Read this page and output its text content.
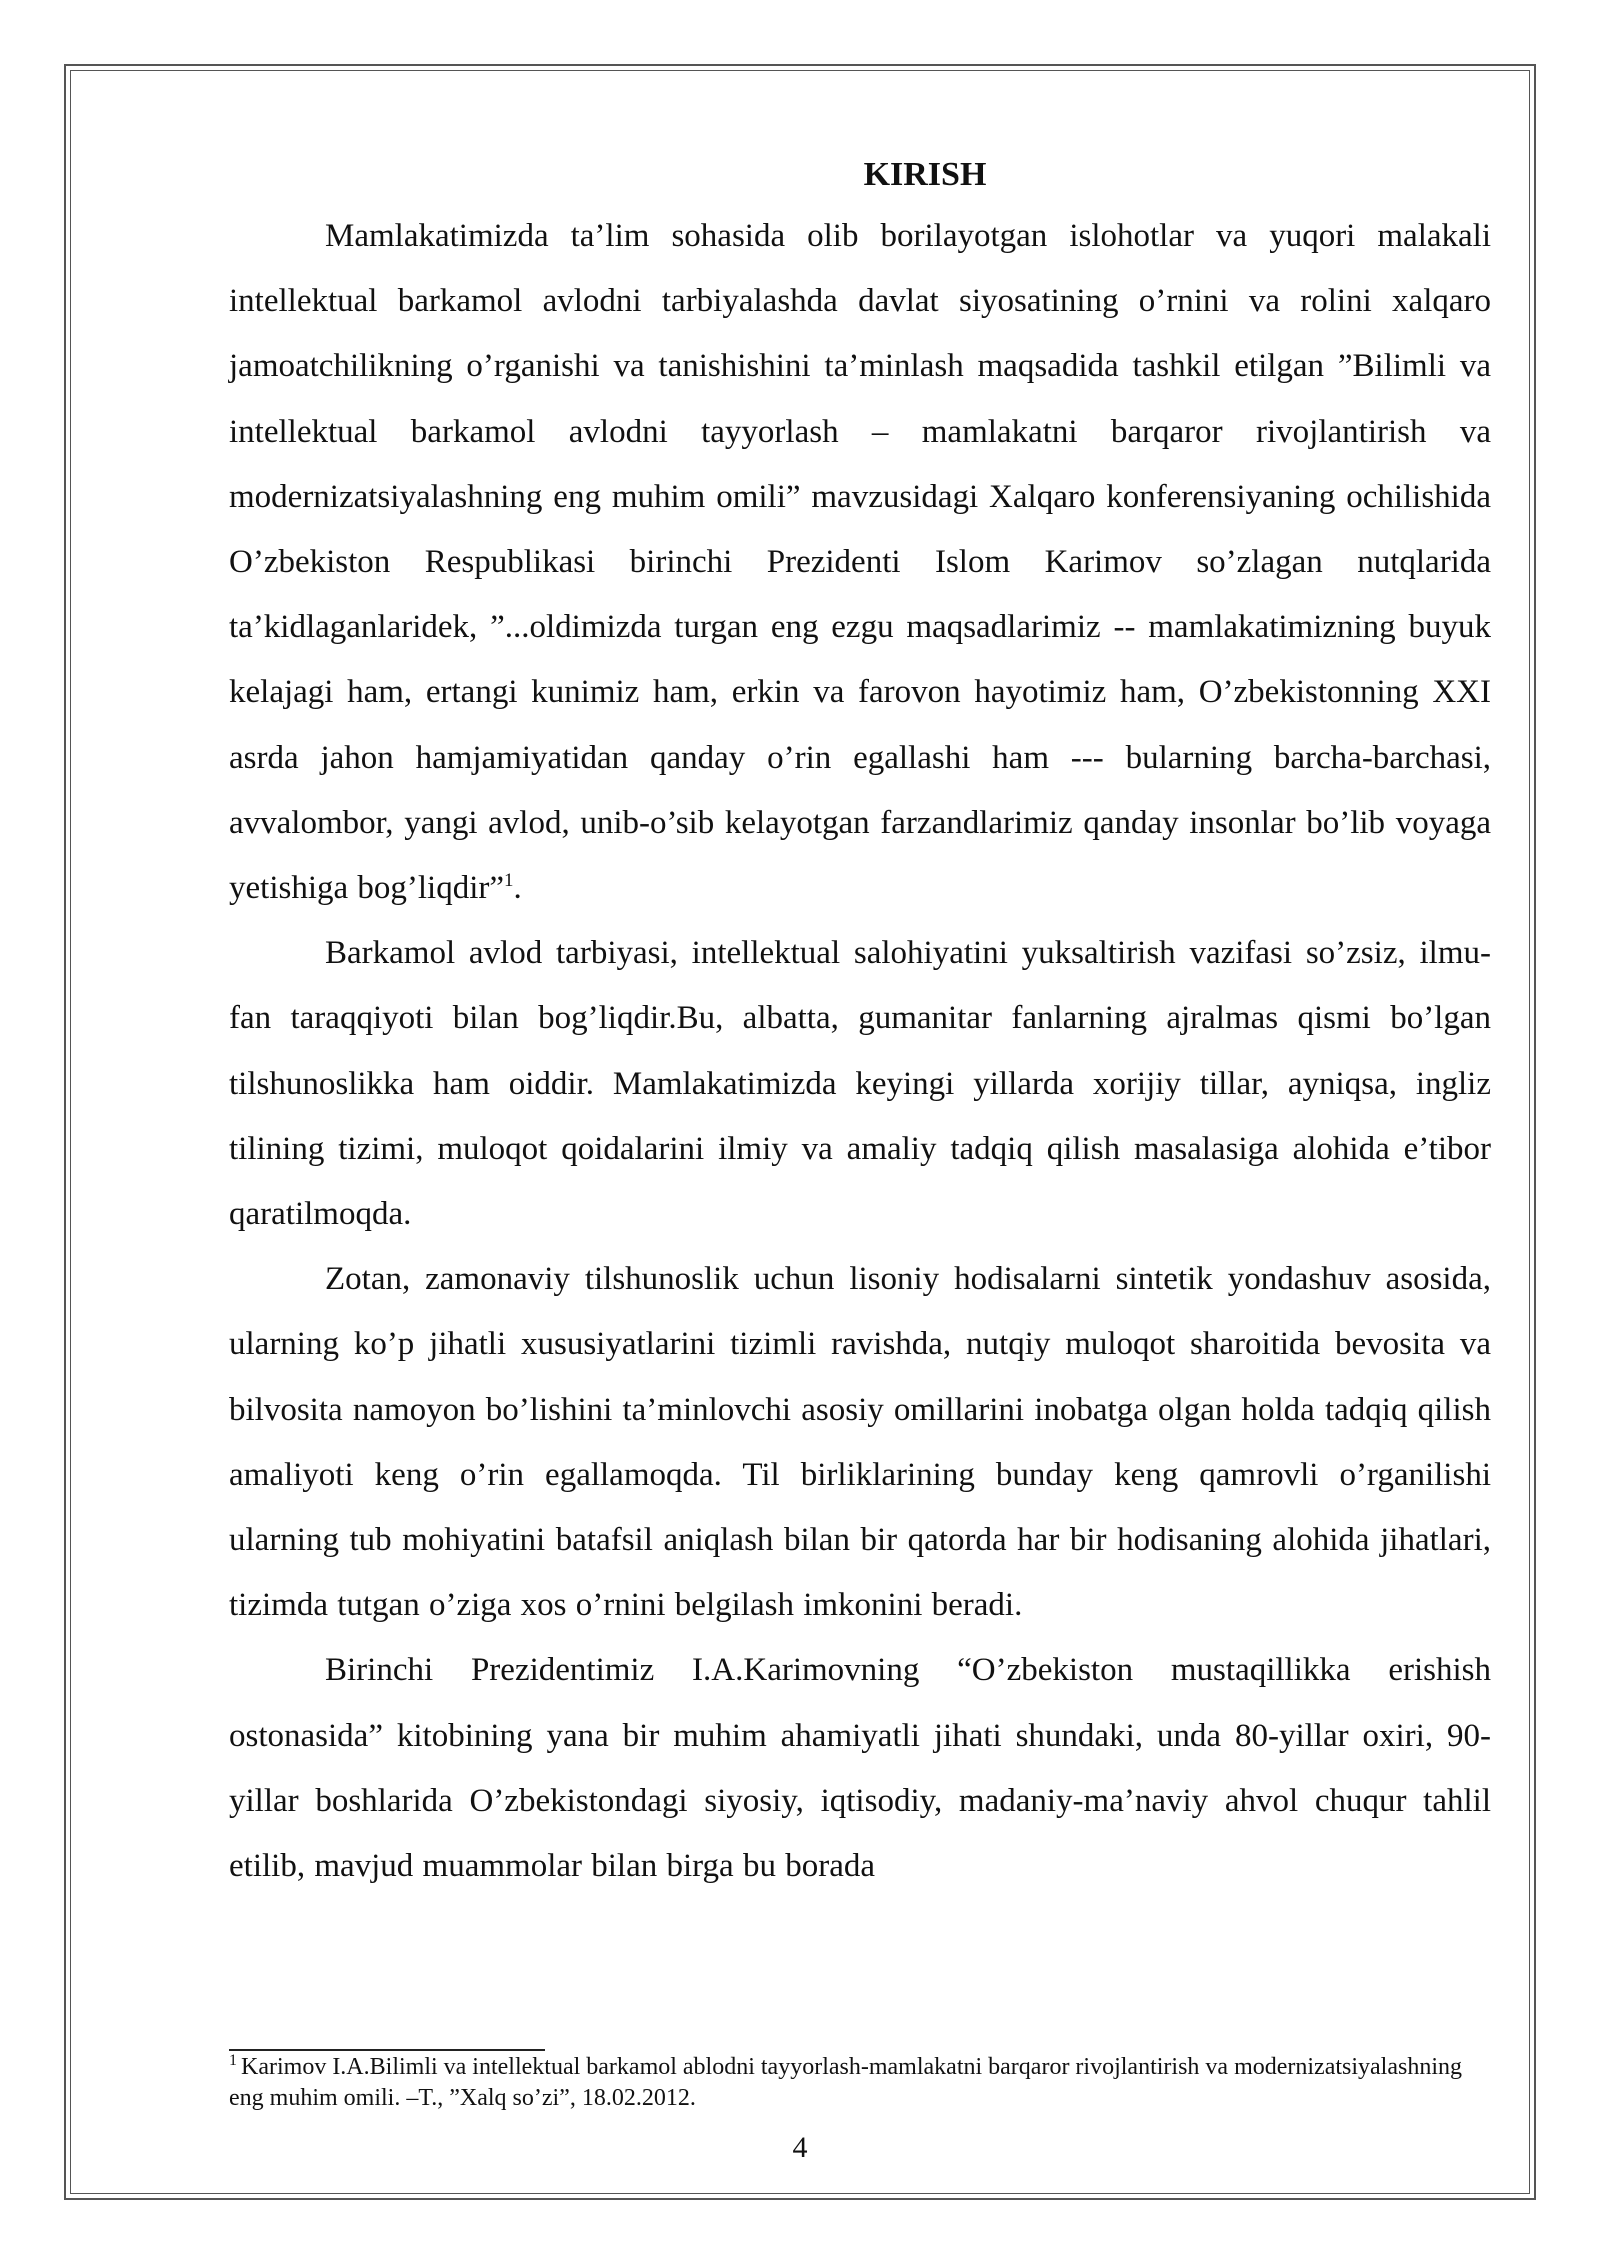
KIRISH

Mamlakatimizda ta’lim sohasida olib borilayotgan islohotlar va yuqori malakali intellektual barkamol avlodni tarbiyalashda davlat siyosatining o’rnini va rolini xalqaro jamoatchilikning o’rganishi va tanishishini ta’minlash maqsadida tashkil etilgan ”Bilimli va intellektual barkamol avlodni tayyorlash – mamlakatni barqaror rivojlantirish va modernizatsiyalashning eng muhim omili” mavzusidagi Xalqaro konferensiyaning ochilishida O’zbekiston Respublikasi birinchi Prezidenti Islom Karimov so’zlagan nutqlarida ta’kidlaganlaridek, ”...oldimizda turgan eng ezgu maqsadlarimiz -- mamlakatimizning buyuk kelajagi ham, ertangi kunimiz ham, erkin va farovon hayotimiz ham, O’zbekistonning XXI asrda jahon hamjamiyatidan qanday o’rin egallashi ham --- bularning barcha-barchasi, avvalombor, yangi avlod, unib-o’sib kelayotgan farzandlarimiz qanday insonlar bo’lib voyaga yetishiga bog’liqdir”$^1$.

Barkamol avlod tarbiyasi, intellektual salohiyatini yuksaltirish vazifasi so’zsiz, ilmu-fan taraqqiyoti bilan bog’liqdir.Bu, albatta, gumanitar fanlarning ajralmas qismi bo’lgan tilshunoslikka ham oiddir. Mamlakatimizda keyingi yillarda xorijiy tillar, ayniqsa, ingliz tilining tizimi, muloqot qoidalarini ilmiy va amaliy tadqiq qilish masalasiga alohida e’tibor qaratilmoqda.

Zotan, zamonaviy tilshunoslik uchun lisoniy hodisalarni sintetik yondashuv asosida, ularning ko’p jihatli xususiyatlarini tizimli ravishda, nutqiy muloqot sharoitida bevosita va bilvosita namoyon bo’lishini ta’minlovchi asosiy omillarini inobatga olgan holda tadqiq qilish amaliyoti keng o’rin egallamoqda. Til birliklarining bunday keng qamrovli o’rganilishi ularning tub mohiyatini batafsil aniqlash bilan bir qatorda har bir hodisaning alohida jihatlari, tizimda tutgan o’ziga xos o’rnini belgilash imkonini beradi.

Birinchi Prezidentimiz I.A.Karimovning “O’zbekiston mustaqillikka erishish ostonasida” kitobining yana bir muhim ahamiyatli jihati shundaki, unda 80-yillar oxiri, 90-yillar boshlarida O’zbekistondagi siyosiy, iqtisodiy, madaniy-ma’naviy ahvol chuqur tahlil etilib, mavjud muammolar bilan birga bu borada

$^1$ Karimov I.A.Bilimli va intellektual barkamol ablodni tayyorlash-mamlakatni barqaror rivojlantirish va modernizatsiyalashning eng muhim omili. –T., ”Xalq so’zi”, 18.02.2012.

4
